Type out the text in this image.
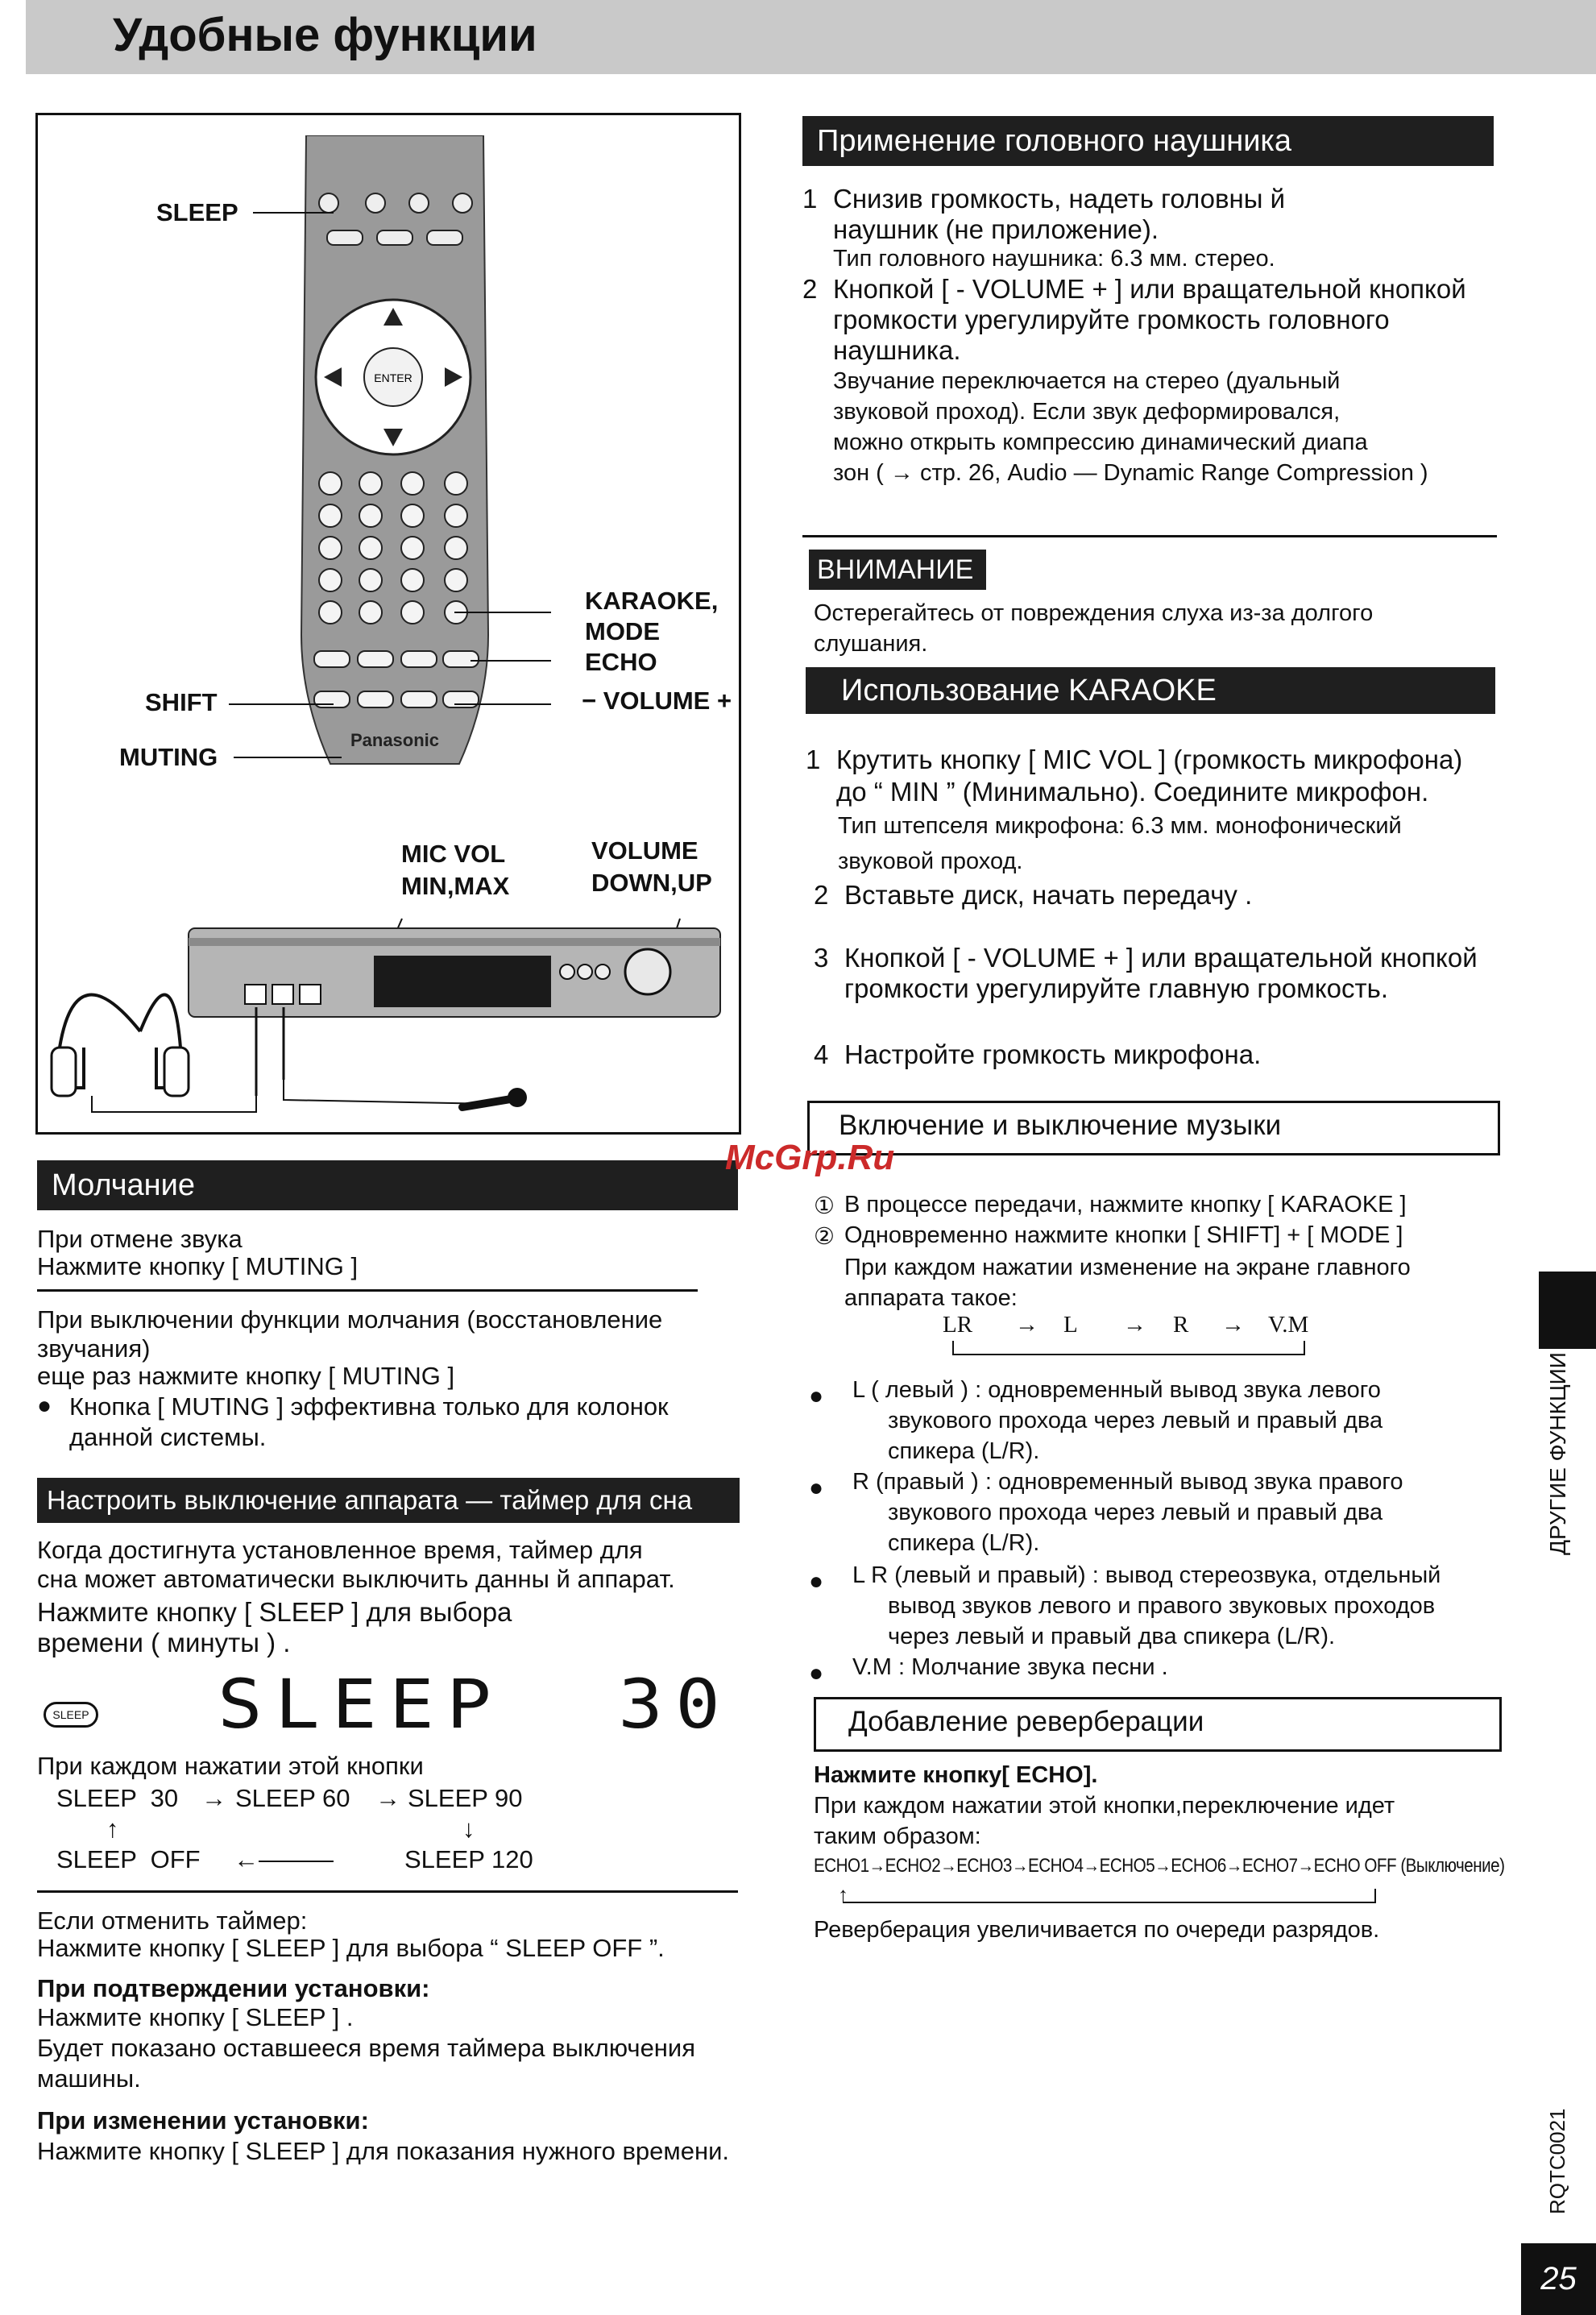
Удобные функции
ENTER
Panasonic
SLEEP
SHIFT
MUTING
KARAOKE,
MODE
ECHO
− VOLUME +
MIC VOL
MIN,MAX
VOLUME
DOWN,UP
Молчание
При отмене звука
Нажмите кнопку [ MUTING ]
При выключении функции молчания (восстановление
звучания)
еще раз нажмите кнопку [ MUTING ]
● Кнопка [ MUTING ] эффективна только для колонок
данной системы.
Настроить выключение аппарата — таймер для сна
Когда достигнута установленное время, таймер для
сна может автоматически выключить данны й аппарат.
Нажмите кнопку [ SLEEP ] для выбора
времени ( минуты ) .
SLEEP SLEEP  30
При каждом нажатии этой кнопки
SLEEP  30 → SLEEP 60 → SLEEP 90
↑	↓
SLEEP  OFF ←———	SLEEP 120
Если отменить таймер:
Нажмите кнопку [ SLEEP ] для выбора “ SLEEP OFF ”.
При подтверждении установки:
Нажмите кнопку [ SLEEP ] .
Будет показано оставшееся время таймера выключения
машины.
При изменении установки:
Нажмите кнопку [ SLEEP ] для показания нужного времени.
Применение головного наушника
1 Снизив громкость, надеть головны й
наушник (не приложение).
Тип головного наушника: 6.3 мм. стерео.
2 Кнопкой [ - VOLUME + ] или вращательной кнопкой
громкости урегулируйте громкость головного
наушника.
Звучание переключается на стерео (дуальный
звуковой проход). Если звук деформировался,
можно открыть компрессию динамический диапа
зон ( → стр. 26, Audio — Dynamic Range Compression )
ВНИМАНИЕ
Остерегайтесь от повреждения слуха из-за долгого
слушания.
Использование KARAOKE
1 Крутить кнопку [ MIC VOL ] (громкость микрофона)
до “ MIN ” (Минимально). Соедините микрофон.
Тип штепселя микрофона: 6.3 мм. монофонический
звуковой проход.
2 Вставьте диск, начать передачу .
3 Кнопкой [ - VOLUME + ] или вращательной кнопкой
громкости урегулируйте главную громкость.
4 Настройте громкость микрофона.
Включение и выключение музыки
① В процессе передачи, нажмите кнопку [ KARAOKE ]
② Одновременно нажмите кнопки [ SHIFT] + [ MODE ]
При каждом нажатии изменение на экране главного
аппарата такое:
LR → L → R → V.M
● L ( левый ) : одновременный вывод звука левого
звукового прохода через левый и правый два
спикера (L/R).
● R (правый ) : одновременный вывод звука правого
звукового прохода через левый и правый два
спикера (L/R).
● L R (левый и правый) : вывод стереозвука, отдельный
вывод звуков левого и правого звуковых проходов
через левый и правый два спикера (L/R).
● V.M : Молчание звука песни .
Добавление реверберации
Нажмите кнопку[ ECHO].
При каждом нажатии этой кнопки,переключение идет
таким образом:
ECHO1→ECHO2→ECHO3→ECHO4→ECHO5→ECHO6→ECHO7→ECHO OFF (Выключение)
↑
Реверберация увеличивается по очереди разрядов.
ДРУГИЕ ФУНКЦИИ
RQTC0021
25
McGrp.Ru
